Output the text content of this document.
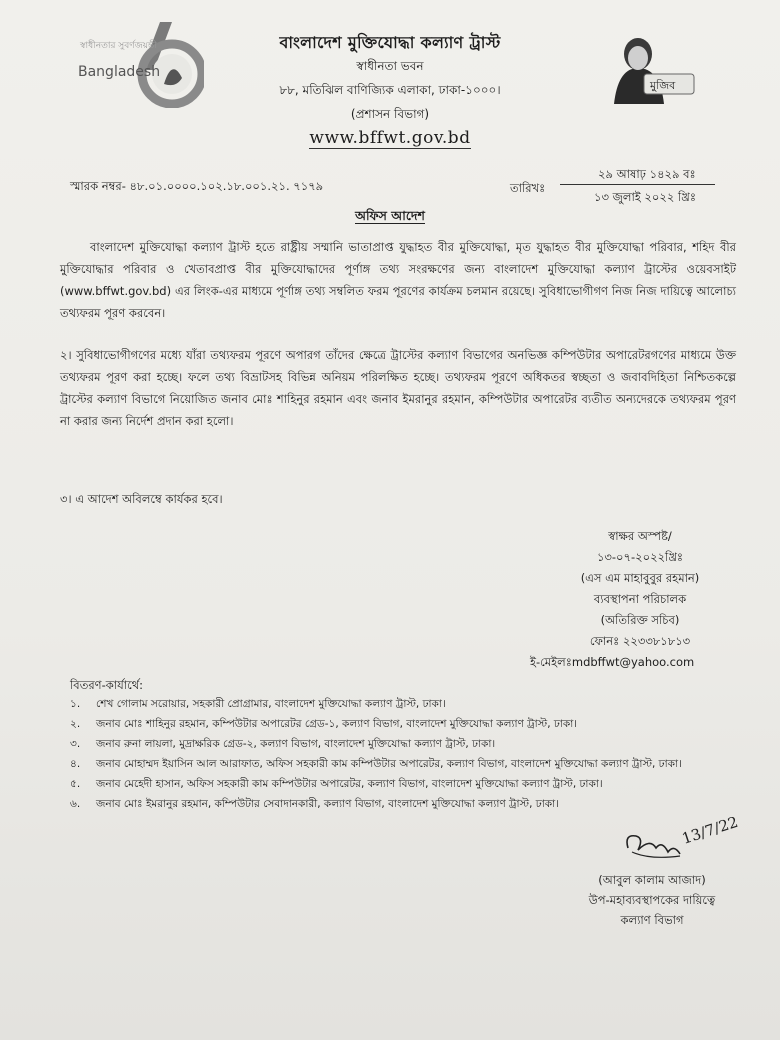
স্বাধীনতার সুবর্ণজয়ন্তী
Bangladesh
মুজিব
বাংলাদেশ মুক্তিযোদ্ধা কল্যাণ ট্রাস্ট
স্বাধীনতা ভবন
৮৮, মতিঝিল বাণিজ্যিক এলাকা, ঢাকা-১০০০।
(প্রশাসন বিভাগ)
www.bffwt.gov.bd
স্মারক নম্বর- ৪৮.০১.০০০০.১০২.১৮.০০১.২১. ৭১৭৯	তারিখঃ
২৯ আষাঢ় ১৪২৯ বঃ
১৩ জুলাই ২০২২ খ্রিঃ
অফিস আদেশ
বাংলাদেশ মুক্তিযোদ্ধা কল্যাণ ট্রাস্ট হতে রাষ্ট্রীয় সম্মানি ভাতাপ্রাপ্ত যুদ্ধাহত বীর মুক্তিযোদ্ধা, মৃত যুদ্ধাহত বীর মুক্তিযোদ্ধা পরিবার, শহিদ বীর মুক্তিযোদ্ধার পরিবার ও খেতাবপ্রাপ্ত বীর মুক্তিযোদ্ধাদের পূর্ণাঙ্গ তথ্য সংরক্ষণের জন্য বাংলাদেশ মুক্তিযোদ্ধা কল্যাণ ট্রাস্টের ওয়েবসাইট (www.bffwt.gov.bd) এর লিংক-এর মাধ্যমে পূর্ণাঙ্গ তথ্য সম্বলিত ফরম পূরণের কার্যক্রম চলমান রয়েছে। সুবিধাভোগীগণ নিজ নিজ দায়িত্বে আলোচ্য তথ্যফরম পূরণ করবেন।
২। সুবিধাভোগীগণের মধ্যে যাঁরা তথ্যফরম পূরণে অপারগ তাঁদের ক্ষেত্রে ট্রাস্টের কল্যাণ বিভাগের অনভিজ্ঞ কম্পিউটার অপারেটরগণের মাধ্যমে উক্ত তথ্যফরম পূরণ করা হচ্ছে। ফলে তথ্য বিভ্রাটসহ বিভিন্ন অনিয়ম পরিলক্ষিত হচ্ছে। তথ্যফরম পূরণে অধিকতর স্বচ্ছতা ও জবাবদিহিতা নিশ্চিতকল্পে ট্রাস্টের কল্যাণ বিভাগে নিয়োজিত জনাব মোঃ শাহিনুর রহমান এবং জনাব ইমরানুর রহমান, কম্পিউটার অপারেটর ব্যতীত অন্যদেরকে তথ্যফরম পূরণ না করার জন্য নির্দেশ প্রদান করা হলো।
৩। এ আদেশ অবিলম্বে কার্যকর হবে।
স্বাক্ষর অস্পষ্ট/
১৩-০৭-২০২২খ্রিঃ
(এস এম মাহাবুবুর রহমান)
ব্যবস্থাপনা পরিচালক
(অতিরিক্ত সচিব)
ফোনঃ ২২৩৩৮১৮১৩
ই-মেইলঃmdbffwt@yahoo.com
বিতরণ-কার্যার্থে:
১.	শেখ গোলাম সরোয়ার, সহকারী প্রোগ্রামার, বাংলাদেশ মুক্তিযোদ্ধা কল্যাণ ট্রাস্ট, ঢাকা।
২.	জনাব মোঃ শাহিনুর রহমান, কম্পিউটার অপারেটর গ্রেড-১, কল্যাণ বিভাগ, বাংলাদেশ মুক্তিযোদ্ধা কল্যাণ ট্রাস্ট, ঢাকা।
৩.	জনাব রুনা লায়লা, মুদ্রাক্ষরিক গ্রেড-২, কল্যাণ বিভাগ, বাংলাদেশ মুক্তিযোদ্ধা কল্যাণ ট্রাস্ট, ঢাকা।
৪.	জনাব মোহাম্মদ ইয়াসিন আল আরাফাত, অফিস সহকারী কাম কম্পিউটার অপারেটর, কল্যাণ বিভাগ, বাংলাদেশ মুক্তিযোদ্ধা কল্যাণ ট্রাস্ট, ঢাকা।
৫.	জনাব মেহেদী হাসান, অফিস সহকারী কাম কম্পিউটার অপারেটর, কল্যাণ বিভাগ, বাংলাদেশ মুক্তিযোদ্ধা কল্যাণ ট্রাস্ট, ঢাকা।
৬.	জনাব মোঃ ইমরানুর রহমান, কম্পিউটার সেবাদানকারী, কল্যাণ বিভাগ, বাংলাদেশ মুক্তিযোদ্ধা কল্যাণ ট্রাস্ট, ঢাকা।
13/7/22
(আবুল কালাম আজাদ)
উপ-মহাব্যবস্থাপকের দায়িত্বে
কল্যাণ বিভাগ
